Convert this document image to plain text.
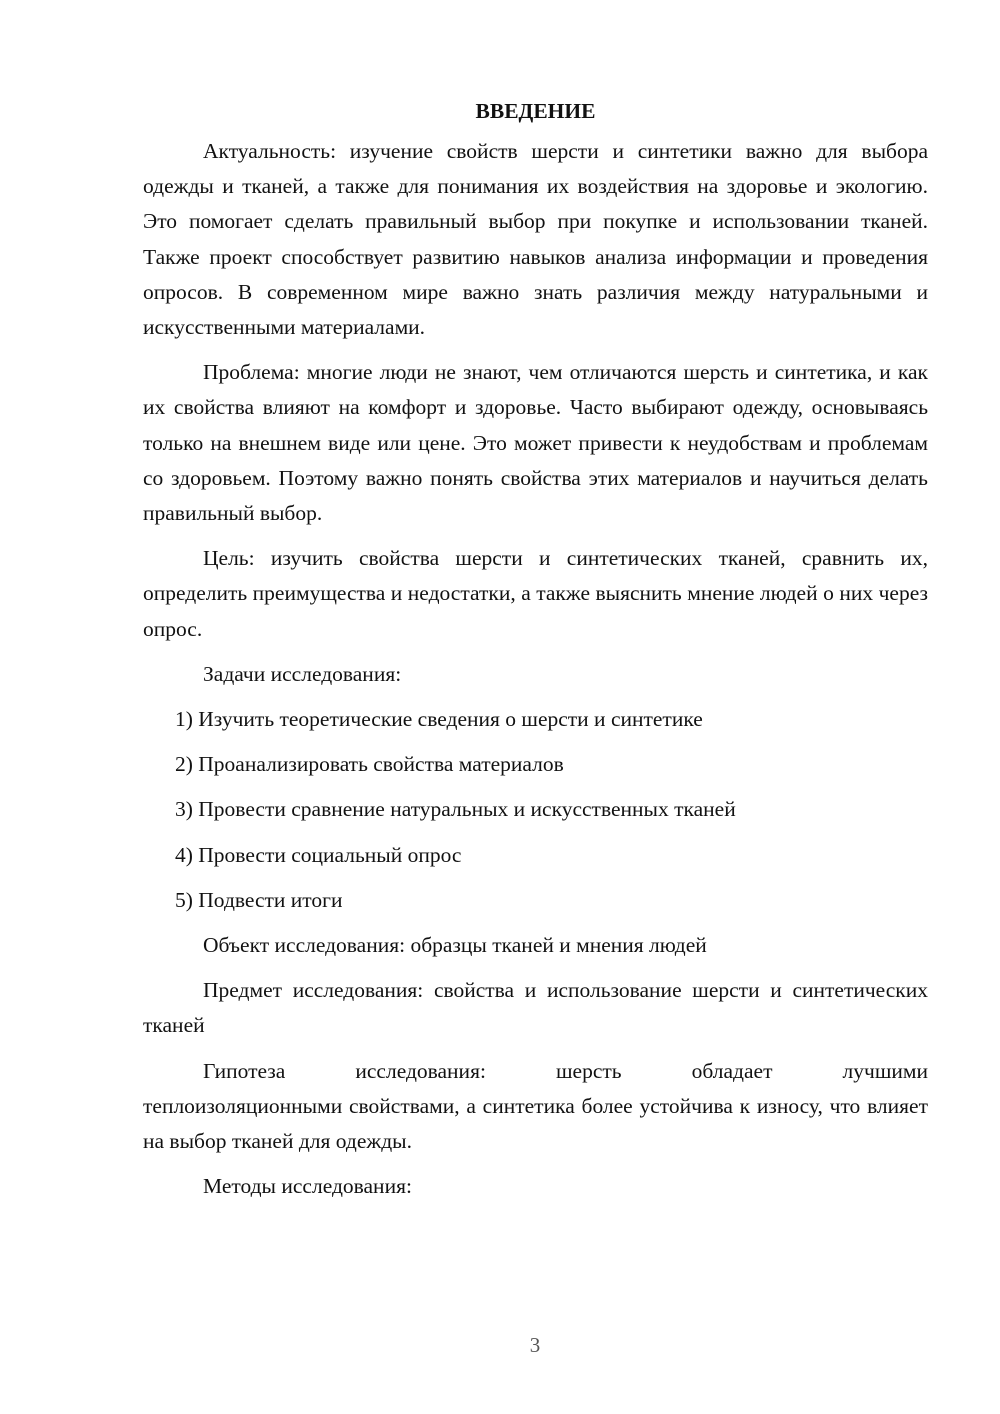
ВВЕДЕНИЕ

Актуальность: изучение свойств шерсти и синтетики важно для выбора одежды и тканей, а также для понимания их воздействия на здоровье и экологию. Это помогает сделать правильный выбор при покупке и использовании тканей. Также проект способствует развитию навыков анализа информации и проведения опросов. В современном мире важно знать различия между натуральными и искусственными материалами.

Проблема: многие люди не знают, чем отличаются шерсть и синтетика, и как их свойства влияют на комфорт и здоровье. Часто выбирают одежду, основываясь только на внешнем виде или цене. Это может привести к неудобствам и проблемам со здоровьем. Поэтому важно понять свойства этих материалов и научиться делать правильный выбор.

Цель: изучить свойства шерсти и синтетических тканей, сравнить их, определить преимущества и недостатки, а также выяснить мнение людей о них через опрос.

Задачи исследования:

1) Изучить теоретические сведения о шерсти и синтетике
2) Проанализировать свойства материалов
3) Провести сравнение натуральных и искусственных тканей
4) Провести социальный опрос
5) Подвести итоги

Объект исследования: образцы тканей и мнения людей

Предмет исследования: свойства и использование шерсти и синтетических тканей

Гипотеза	исследования:	шерсть	обладает	лучшими
теплоизоляционными свойствами, а синтетика более устойчива к износу, что влияет на выбор тканей для одежды.

Методы исследования:

3
